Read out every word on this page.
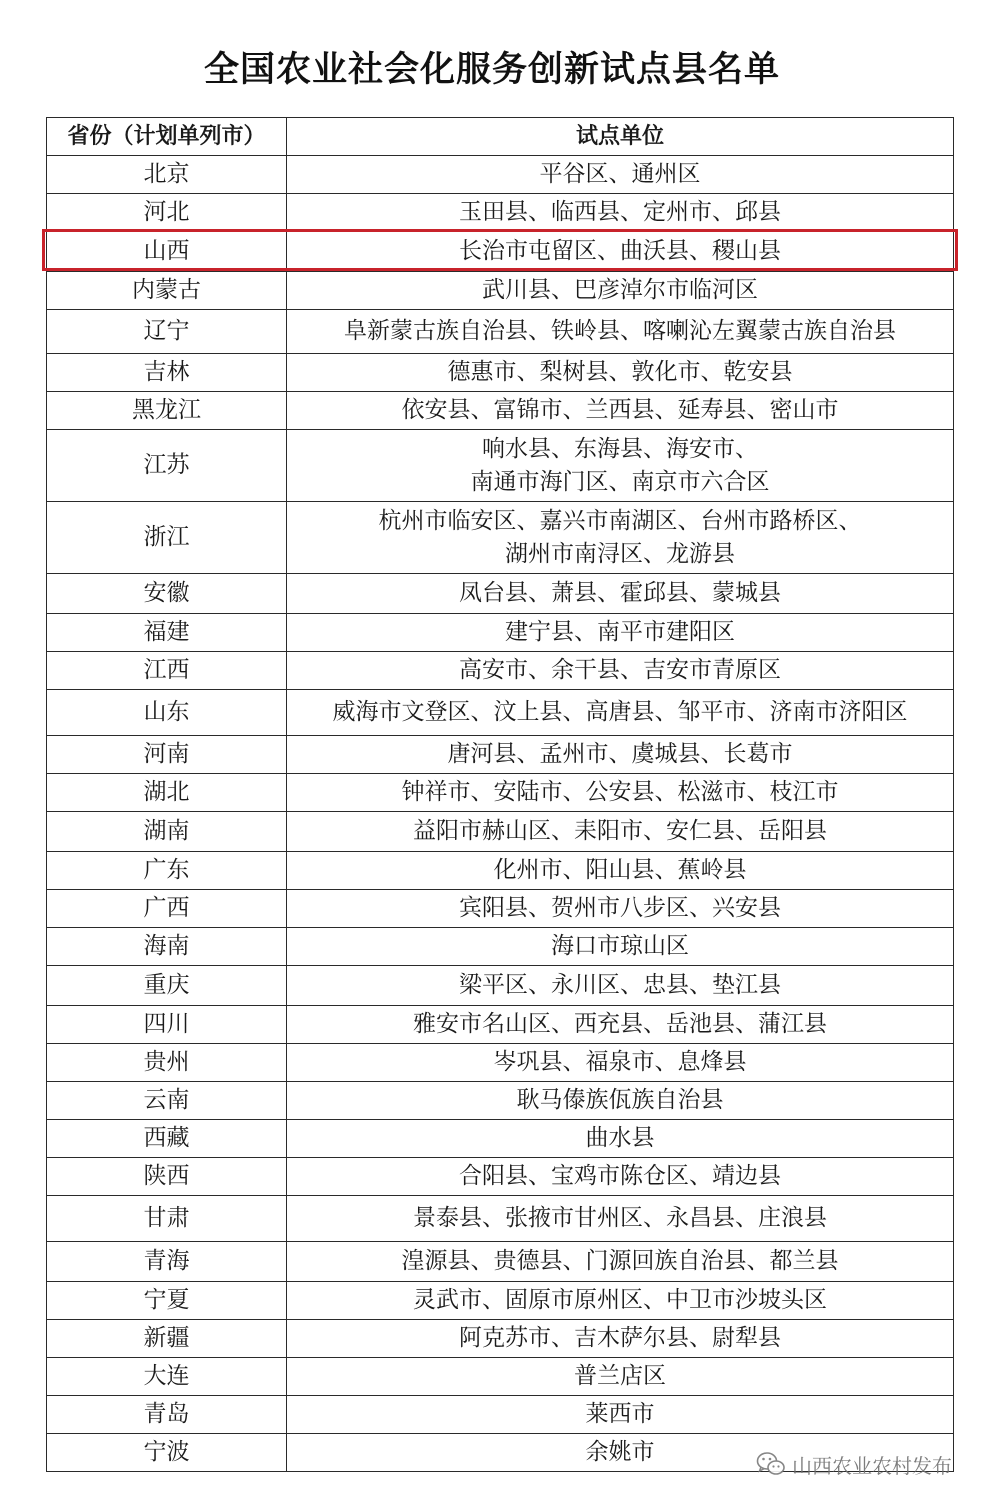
全国农业社会化服务创新试点县名单
省份（计划单列市）	试点单位
北京	平谷区、通州区

河北	玉田县、临西县、定州市、邱县

山西	长治市屯留区、曲沃县、稷山县

内蒙古	武川县、巴彦淖尔市临河区

辽宁	阜新蒙古族自治县、铁岭县、喀喇沁左翼蒙古族自治县

吉林	德惠市、梨树县、敦化市、乾安县

黑龙江	依安县、富锦市、兰西县、延寿县、密山市

江苏	响水县、东海县、海安市、
南通市海门区、南京市六合区

浙江	杭州市临安区、嘉兴市南湖区、台州市路桥区、
湖州市南浔区、龙游县

安徽	凤台县、萧县、霍邱县、蒙城县

福建	建宁县、南平市建阳区

江西	高安市、余干县、吉安市青原区

山东	威海市文登区、汶上县、高唐县、邹平市、济南市济阳区

河南	唐河县、孟州市、虞城县、长葛市

湖北	钟祥市、安陆市、公安县、松滋市、枝江市

湖南	益阳市赫山区、耒阳市、安仁县、岳阳县

广东	化州市、阳山县、蕉岭县

广西	宾阳县、贺州市八步区、兴安县

海南	海口市琼山区

重庆	梁平区、永川区、忠县、垫江县

四川	雅安市名山区、西充县、岳池县、蒲江县

贵州	岑巩县、福泉市、息烽县

云南	耿马傣族佤族自治县

西藏	曲水县

陕西	合阳县、宝鸡市陈仓区、靖边县

甘肃	景泰县、张掖市甘州区、永昌县、庄浪县

青海	湟源县、贵德县、门源回族自治县、都兰县

宁夏	灵武市、固原市原州区、中卫市沙坡头区

新疆	阿克苏市、吉木萨尔县、尉犁县

大连	普兰店区

青岛	莱西市

宁波	余姚市
山西农业农村发布
